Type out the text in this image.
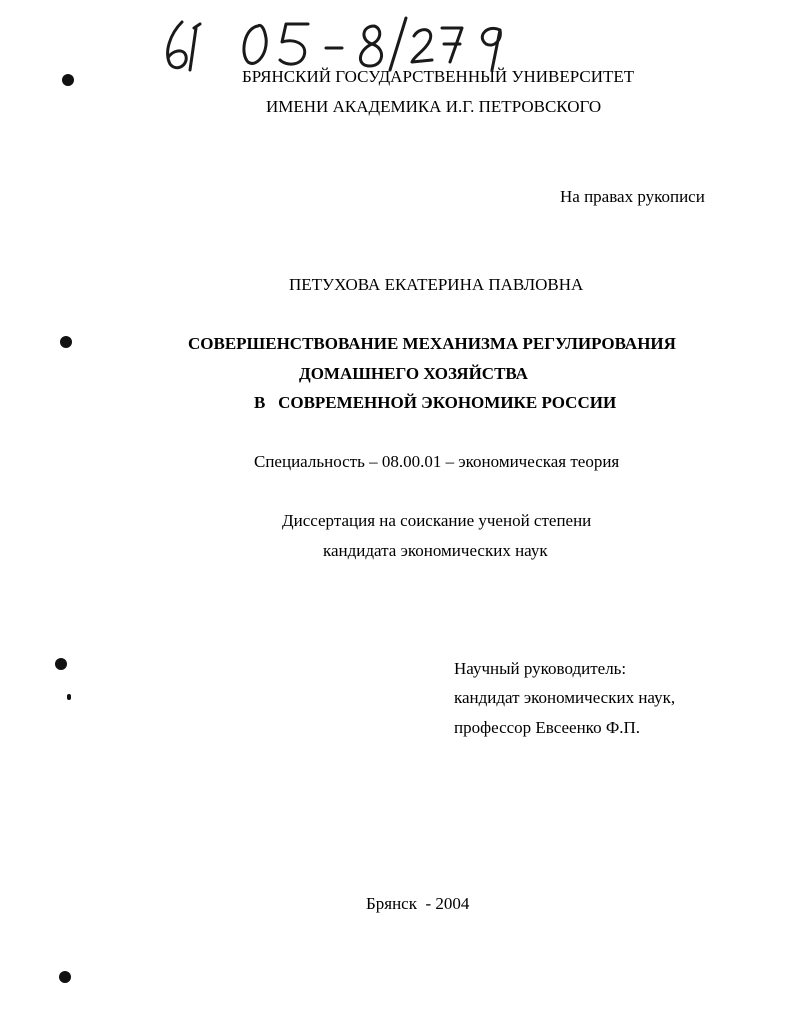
БРЯНСКИЙ ГОСУДАРСТВЕННЫЙ УНИВЕРСИТЕТ
ИМЕНИ АКАДЕМИКА И.Г. ПЕТРОВСКОГО
На правах рукописи
ПЕТУХОВА ЕКАТЕРИНА ПАВЛОВНА
СОВЕРШЕНСТВОВАНИЕ МЕХАНИЗМА РЕГУЛИРОВАНИЯ
ДОМАШНЕГО ХОЗЯЙСТВА
В   СОВРЕМЕННОЙ ЭКОНОМИКЕ РОССИИ
Специальность – 08.00.01 – экономическая теория
Диссертация на соискание ученой степени
кандидата экономических наук
Научный руководитель:
кандидат экономических наук,
профессор Евсеенко Ф.П.
Брянск  - 2004
